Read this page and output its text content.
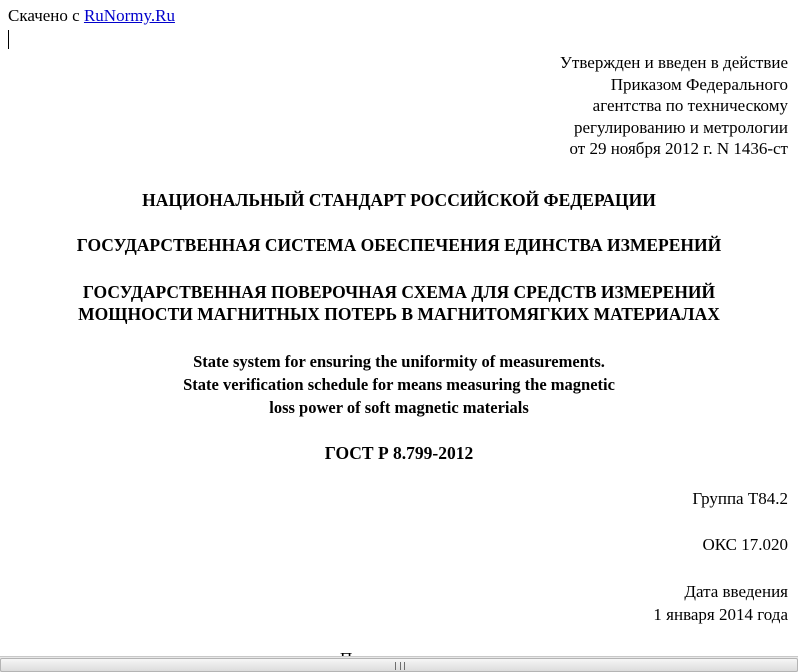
Скачено с RuNormy.Ru
Утвержден и введен в действие
Приказом Федерального
агентства по техническому
регулированию и метрологии
от 29 ноября 2012 г. N 1436-ст
НАЦИОНАЛЬНЫЙ СТАНДАРТ РОССИЙСКОЙ ФЕДЕРАЦИИ
ГОСУДАРСТВЕННАЯ СИСТЕМА ОБЕСПЕЧЕНИЯ ЕДИНСТВА ИЗМЕРЕНИЙ
ГОСУДАРСТВЕННАЯ ПОВЕРОЧНАЯ СХЕМА ДЛЯ СРЕДСТВ ИЗМЕРЕНИЙ
МОЩНОСТИ МАГНИТНЫХ ПОТЕРЬ В МАГНИТОМЯГКИХ МАТЕРИАЛАХ
State system for ensuring the uniformity of measurements.
State verification schedule for means measuring the magnetic
loss power of soft magnetic materials
ГОСТ Р 8.799-2012
Группа Т84.2
ОКС 17.020
Дата введения
1 января 2014 года
